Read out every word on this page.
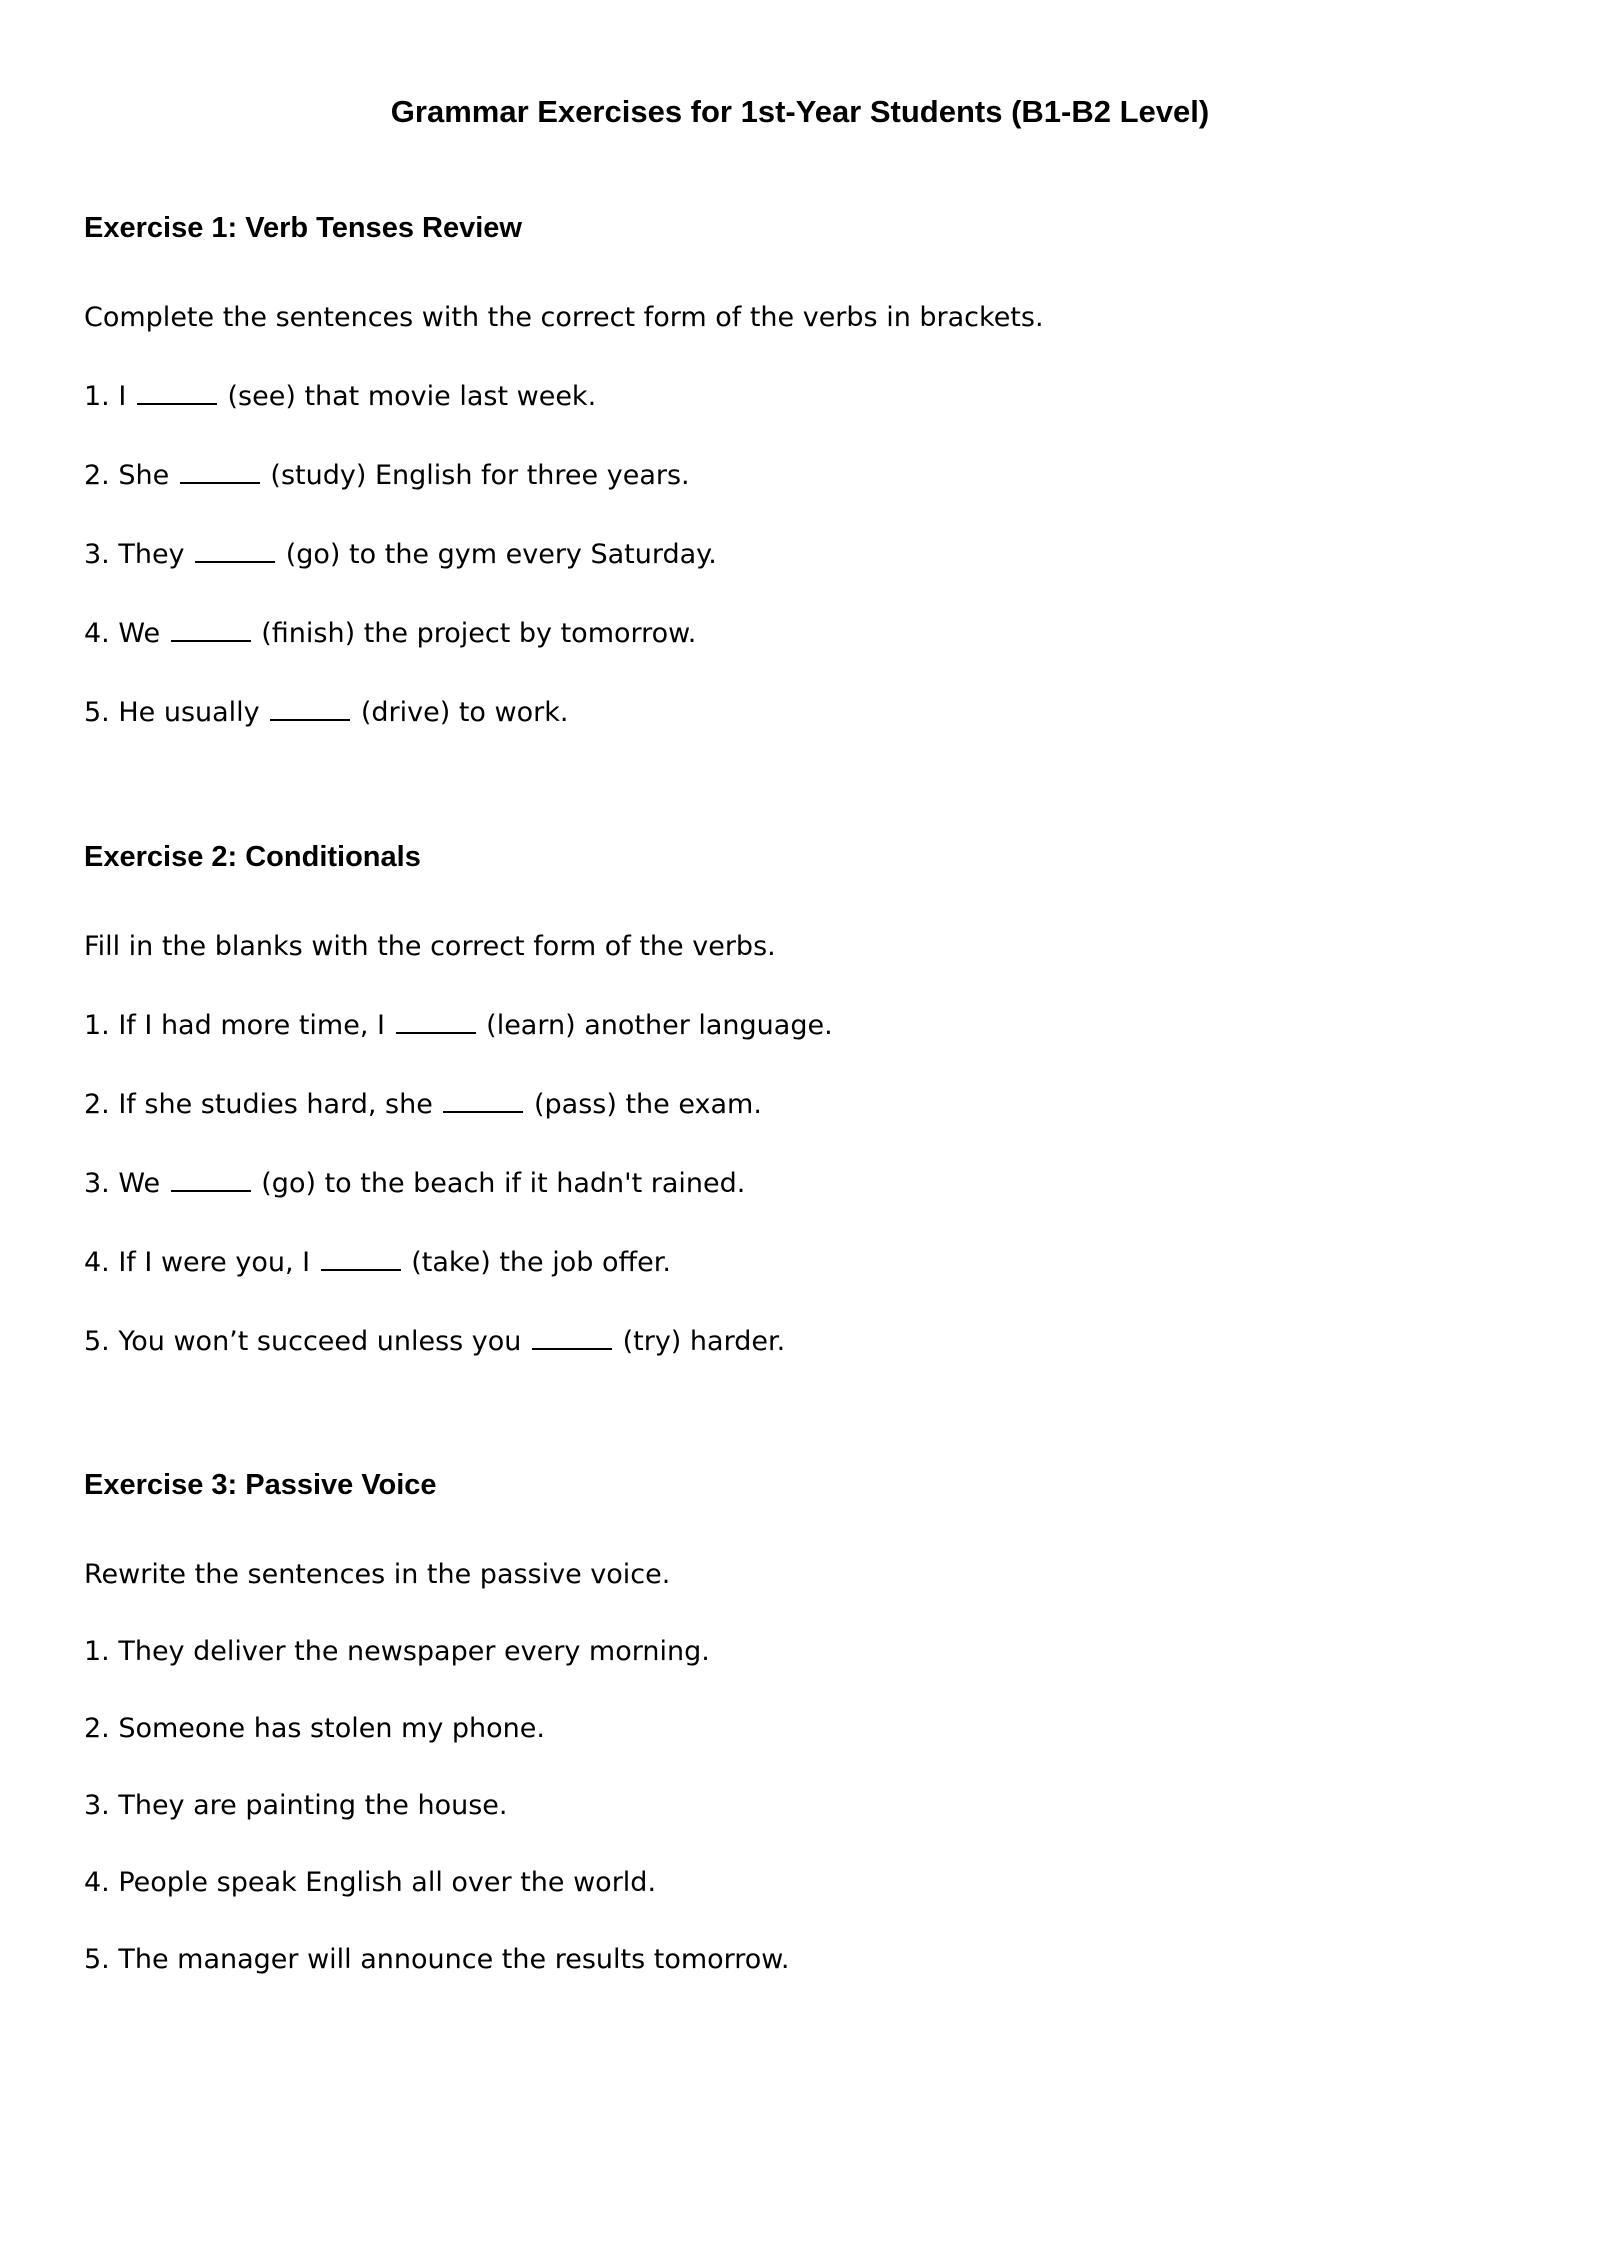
Grammar Exercises for 1st-Year Students (B1-B2 Level)
Exercise 1: Verb Tenses Review

Complete the sentences with the correct form of the verbs in brackets.

1. I	(see) that movie last week.
2. She	(study) English for three years.
3. They	(go) to the gym every Saturday.
4. We	(finish) the project by tomorrow.
5. He usually	(drive) to work.
Exercise 2: Conditionals

Fill in the blanks with the correct form of the verbs.

1. If I had more time, I	(learn) another language.
2. If she studies hard, she	(pass) the exam.
3. We	(go) to the beach if it hadn't rained.
4. If I were you, I	(take) the job offer.
5. You won’t succeed unless you	(try) harder.
Exercise 3: Passive Voice

Rewrite the sentences in the passive voice.

1. They deliver the newspaper every morning.
2. Someone has stolen my phone.
3. They are painting the house.
4. People speak English all over the world.
5. The manager will announce the results tomorrow.
